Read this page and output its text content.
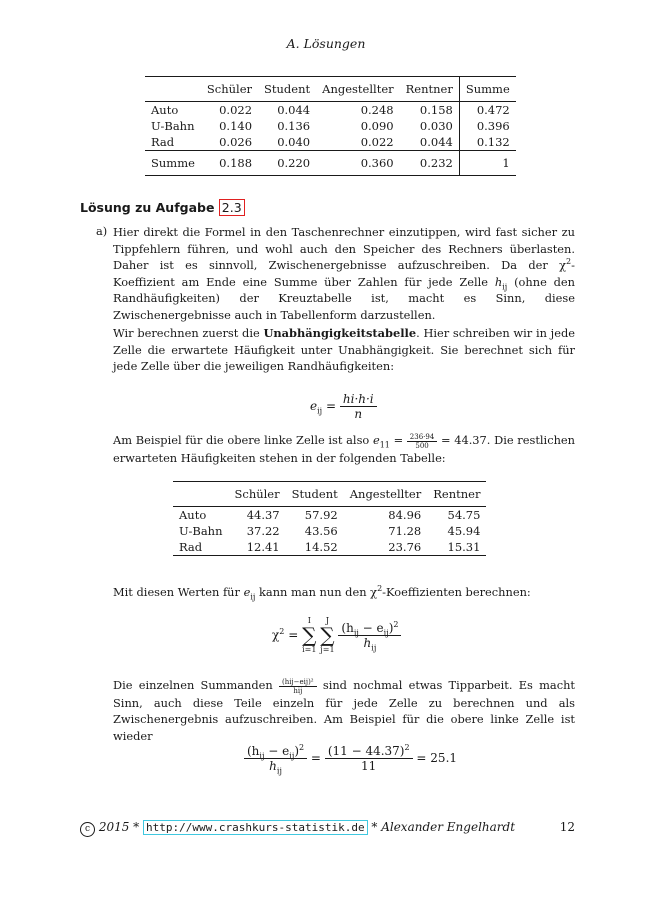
A. Lösungen
	Schüler	Student	Angestellter	Rentner	Summe
Auto	0.022	0.044	0.248	0.158	0.472
U-Bahn	0.140	0.136	0.090	0.030	0.396
Rad	0.026	0.040	0.022	0.044	0.132
Summe	0.188	0.220	0.360	0.232	1
Lösung zu Aufgabe 2.3
a) Hier direkt die Formel in den Taschenrechner einzutippen, wird fast sicher zu Tippfehlern führen, und wohl auch den Speicher des Rechners überlasten. Daher ist es sinnvoll, Zwischenergebnisse aufzuschreiben. Da der $\chi^2$-Koeffizient am Ende eine Summe über Zahlen für jede Zelle $h_{ij}$ (ohne den Randhäufigkeiten) der Kreuztabelle ist, macht es Sinn, diese Zwischenergebnisse auch in Tabellenform darzustellen.
Wir berechnen zuerst die Unabhängigkeitstabelle. Hier schreiben wir in jede Zelle die erwartete Häufigkeit unter Unabhängigkeit. Sie berechnet sich für jede Zelle über die jeweiligen Randhäufigkeiten:
$e_{ij} = \frac{hi\cdot h\cdot i}{n}$
Am Beispiel für die obere linke Zelle ist also $e_{11} = \frac{236\cdot 94}{500} = 44.37$. Die restlichen erwarteten Häufigkeiten stehen in der folgenden Tabelle:
	Schüler	Student	Angestellter	Rentner
Auto	44.37	57.92	84.96	54.75
U-Bahn	37.22	43.56	71.28	45.94
Rad	12.41	14.52	23.76	15.31
Mit diesen Werten für $e_{ij}$ kann man nun den $\chi^2$-Koeffizienten berechnen:
$\chi^2$ =
I
∑
i=1

J
∑
j=1
$\frac{(h_{ij} - e_{ij})^2}{h_{ij}}$
Die einzelnen Summanden $\frac{\text{(hij−eij)²}}{\text{hij}}$ sind nochmal etwas Tipparbeit. Es macht Sinn, auch diese Teile einzeln für jede Zelle zu berechnen und als Zwischenergebnis aufzuschreiben. Am Beispiel für die obere linke Zelle ist wieder
$\frac{(h_{ij} - e_{ij})^2}{h_{ij}} = \frac{(11 - 44.37)^2}{11} = 25.1$
c 2015 * http://www.crashkurs-statistik.de * Alexander Engelhardt	12
